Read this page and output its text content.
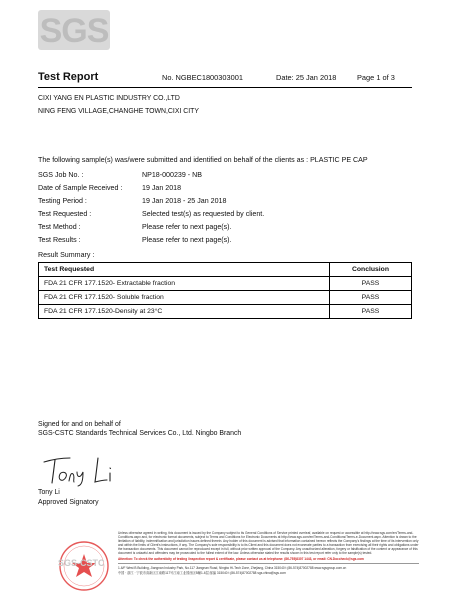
SGS
Test Report	No. NGBEC1800303001	Date: 25 Jan 2018	Page 1 of 3
CIXI YANG EN PLASTIC INDUSTRY CO.,LTD
NING FENG VILLAGE,CHANGHE TOWN,CIXI CITY
The following sample(s) was/were submitted and identified on behalf of the clients as : PLASTIC PE CAP
SGS Job No. :	NP18-000239 - NB
Date of Sample Received :	19 Jan 2018
Testing Period :	19 Jan 2018 - 25 Jan 2018
Test Requested :	Selected test(s) as requested by client.
Test Method :	Please refer to next page(s).
Test Results :	Please refer to next page(s).
Result Summary :
Test Requested	Conclusion
FDA 21 CFR 177.1520- Extractable fraction	PASS
FDA 21 CFR 177.1520- Soluble fraction	PASS
FDA 21 CFR 177.1520-Density at 23°C	PASS
Signed for and on behalf of
SGS-CSTC Standards Technical Services Co., Ltd. Ningbo Branch
Tony Li
Approved Signatory
SGS-CSTC
Unless otherwise agreed in writing, this document is issued by the Company subject to its General Conditions of Service printed overleaf, available on request or accessible at http://www.sgs.com/en/Terms-and-Conditions.aspx and, for electronic format documents, subject to Terms and Conditions for Electronic Documents at http://www.sgs.com/en/Terms-and-Conditions/Terms-e-Document.aspx. Attention is drawn to the limitation of liability, indemnification and jurisdiction issues defined therein. Any holder of this document is advised that information contained hereon reflects the Company's findings at the time of its intervention only and within the limits of Client's instructions, if any. The Company's sole responsibility is to its Client and this document does not exonerate parties to a transaction from exercising all their rights and obligations under the transaction documents. This document cannot be reproduced except in full, without prior written approval of the Company. Any unauthorized alteration, forgery or falsification of the content or appearance of this document is unlawful and offenders may be prosecuted to the fullest extent of the law. Unless otherwise stated the results shown in this test report refer only to the sample(s) tested.
Attention: To check the authenticity of testing /inspection report & certificate, please contact us at telephone: (86-755)8307 1443, or email: CN.Doccheck@sgs.com
1-6/F West B Building, Jiangnan Industry Park, No.117 Jiangnan Road, Ningbo Hi-Tech Zone, Zhejiang, China 315040 t (86-574)87002788 www.sgsgroup.com.cn
中国 · 浙江 · 宁波市高新区江南路117号江南工业园西区B幢1-6层 邮编 315040 t (86-574)87002788 sgs.china@sgs.com
